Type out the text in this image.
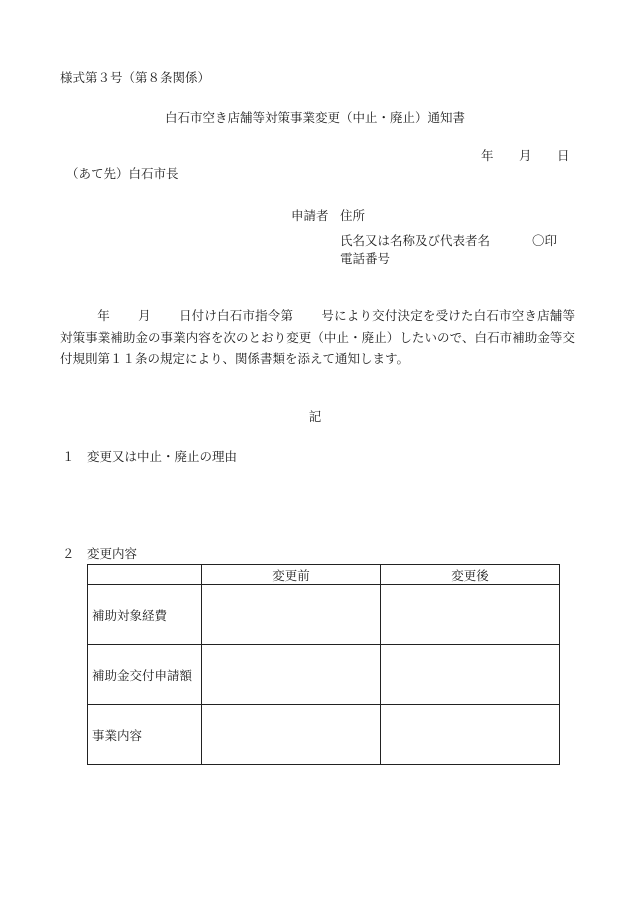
様式第３号（第８条関係）
白石市空き店舗等対策事業変更（中止・廃止）通知書
年 月 日
（あて先）白石市長
申請者 住所
氏名又は名称及び代表者名	〇印
電話番号
年 月 日付け白石市指令第 号により交付決定を受けた白石市空き店舗等対策事業補助金の事業内容を次のとおり変更（中止・廃止）したいので、白石市補助金等交付規則第１１条の規定により、関係書類を添えて通知します。
記
１ 変更又は中止・廃止の理由
２ 変更内容
	変更前	変更後
補助対象経費		
補助金交付申請額		
事業内容		
